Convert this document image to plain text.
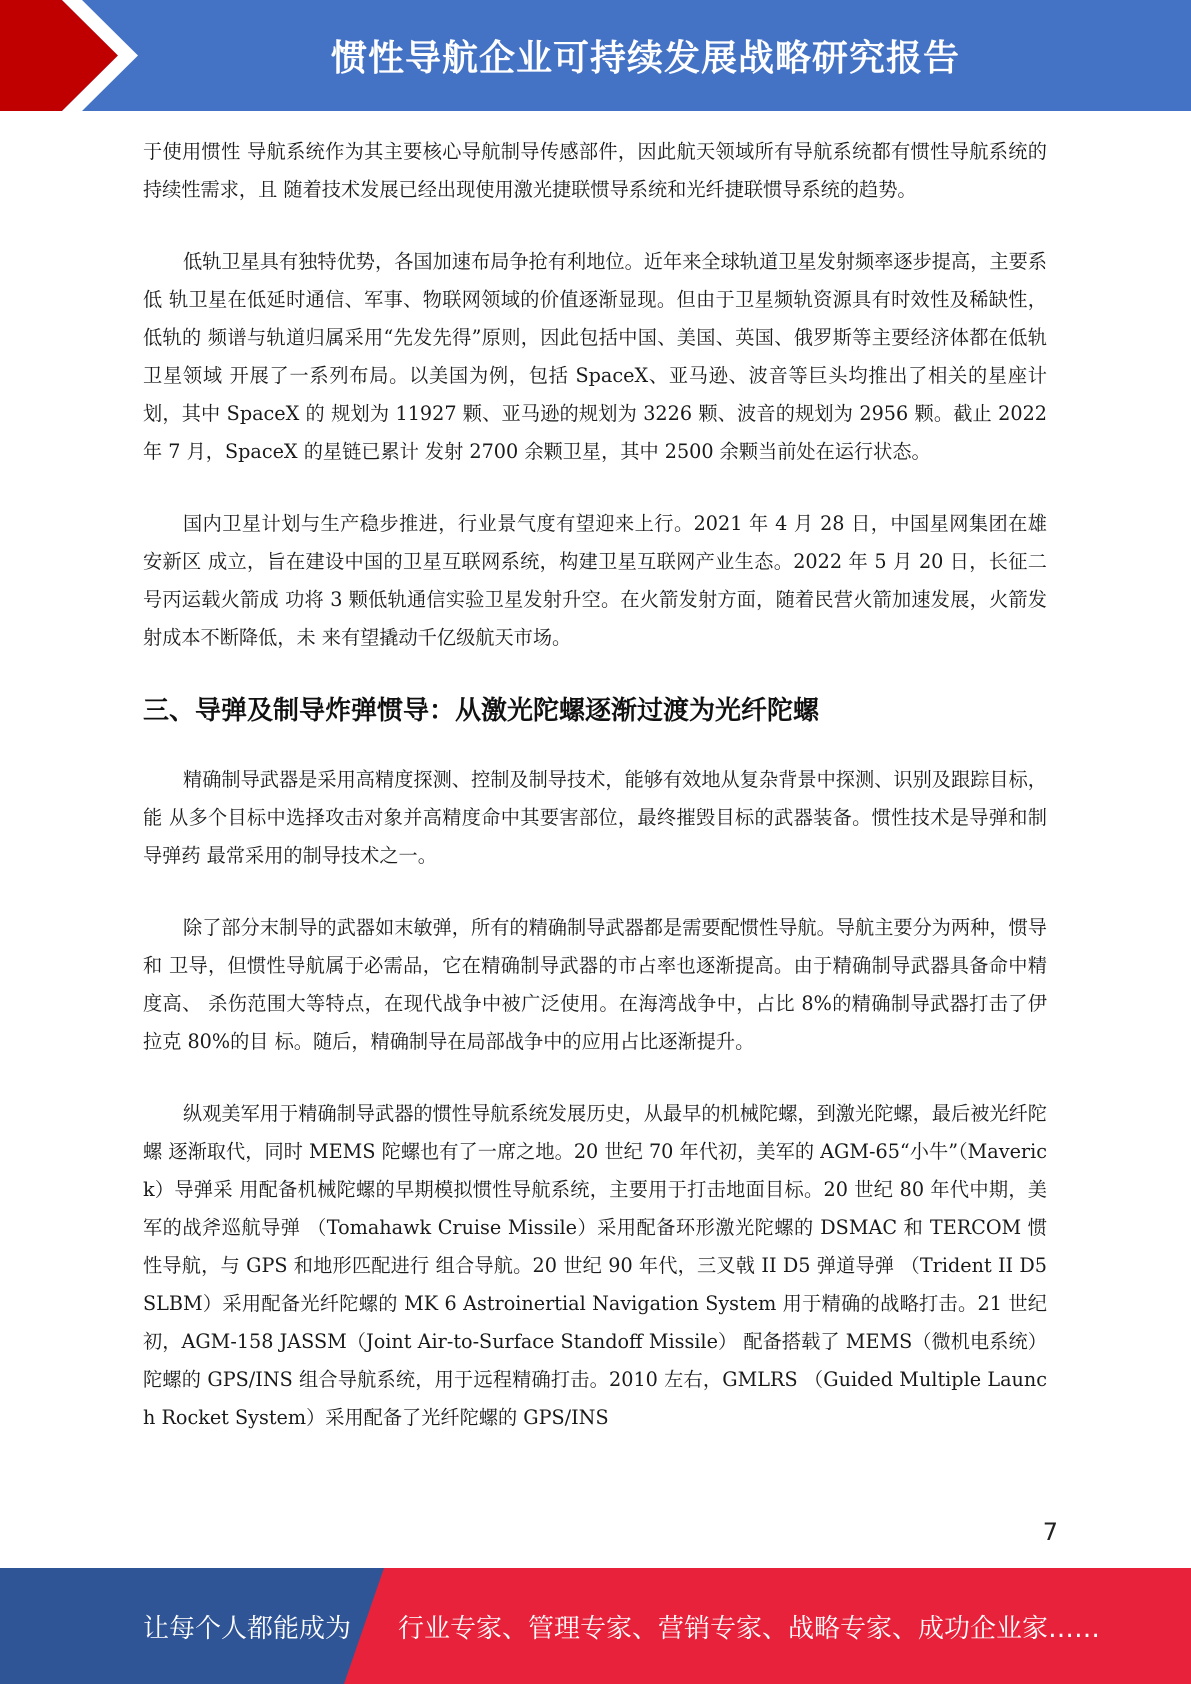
惯性导航企业可持续发展战略研究报告

于使用惯性 导航系统作为其主要核心导航制导传感部件，因此航天领域所有导航系统都有惯性导航系统的持续性需求，且 随着技术发展已经出现使用激光捷联惯导系统和光纤捷联惯导系统的趋势。

低轨卫星具有独特优势，各国加速布局争抢有利地位。近年来全球轨道卫星发射频率逐步提高，主要系低 轨卫星在低延时通信、军事、物联网领域的价值逐渐显现。但由于卫星频轨资源具有时效性及稀缺性，低轨的 频谱与轨道归属采用“先发先得”原则，因此包括中国、美国、英国、俄罗斯等主要经济体都在低轨卫星领域 开展了一系列布局。以美国为例，包括 SpaceX、亚马逊、波音等巨头均推出了相关的星座计划，其中 SpaceX 的 规划为 11927 颗、亚马逊的规划为 3226 颗、波音的规划为 2956 颗。截止 2022 年 7 月，SpaceX 的星链已累计 发射 2700 余颗卫星，其中 2500 余颗当前处在运行状态。

国内卫星计划与生产稳步推进，行业景气度有望迎来上行。2021 年 4 月 28 日，中国星网集团在雄安新区 成立，旨在建设中国的卫星互联网系统，构建卫星互联网产业生态。2022 年 5 月 20 日，长征二号丙运载火箭成 功将 3 颗低轨通信实验卫星发射升空。在火箭发射方面，随着民营火箭加速发展，火箭发射成本不断降低，未 来有望撬动千亿级航天市场。

三、导弹及制导炸弹惯导：从激光陀螺逐渐过渡为光纤陀螺

精确制导武器是采用高精度探测、控制及制导技术，能够有效地从复杂背景中探测、识别及跟踪目标，能 从多个目标中选择攻击对象并高精度命中其要害部位，最终摧毁目标的武器装备。惯性技术是导弹和制导弹药 最常采用的制导技术之一。

除了部分末制导的武器如末敏弹，所有的精确制导武器都是需要配惯性导航。导航主要分为两种，惯导和 卫导，但惯性导航属于必需品，它在精确制导武器的市占率也逐渐提高。由于精确制导武器具备命中精度高、 杀伤范围大等特点，在现代战争中被广泛使用。在海湾战争中，占比 8%的精确制导武器打击了伊拉克 80%的目 标。随后，精确制导在局部战争中的应用占比逐渐提升。

纵观美军用于精确制导武器的惯性导航系统发展历史，从最早的机械陀螺，到激光陀螺，最后被光纤陀螺 逐渐取代，同时 MEMS 陀螺也有了一席之地。20 世纪 70 年代初，美军的 AGM-65“小牛”（Maverick）导弹采 用配备机械陀螺的早期模拟惯性导航系统，主要用于打击地面目标。20 世纪 80 年代中期，美军的战斧巡航导弹 （Tomahawk Cruise Missile）采用配备环形激光陀螺的 DSMAC 和 TERCOM 惯性导航，与 GPS 和地形匹配进行 组合导航。20 世纪 90 年代，三叉戟 II D5 弹道导弹 （Trident II D5 SLBM）采用配备光纤陀螺的 MK 6 Astroinertial Navigation System 用于精确的战略打击。21 世纪初，AGM-158 JASSM（Joint Air-to-Surface Standoff Missile） 配备搭载了 MEMS（微机电系统）陀螺的 GPS/INS 组合导航系统，用于远程精确打击。2010 左右，GMLRS （Guided Multiple Launch Rocket System）采用配备了光纤陀螺的 GPS/INS

7
让每个人都能成为 行业专家、管理专家、营销专家、战略专家、成功企业家……
